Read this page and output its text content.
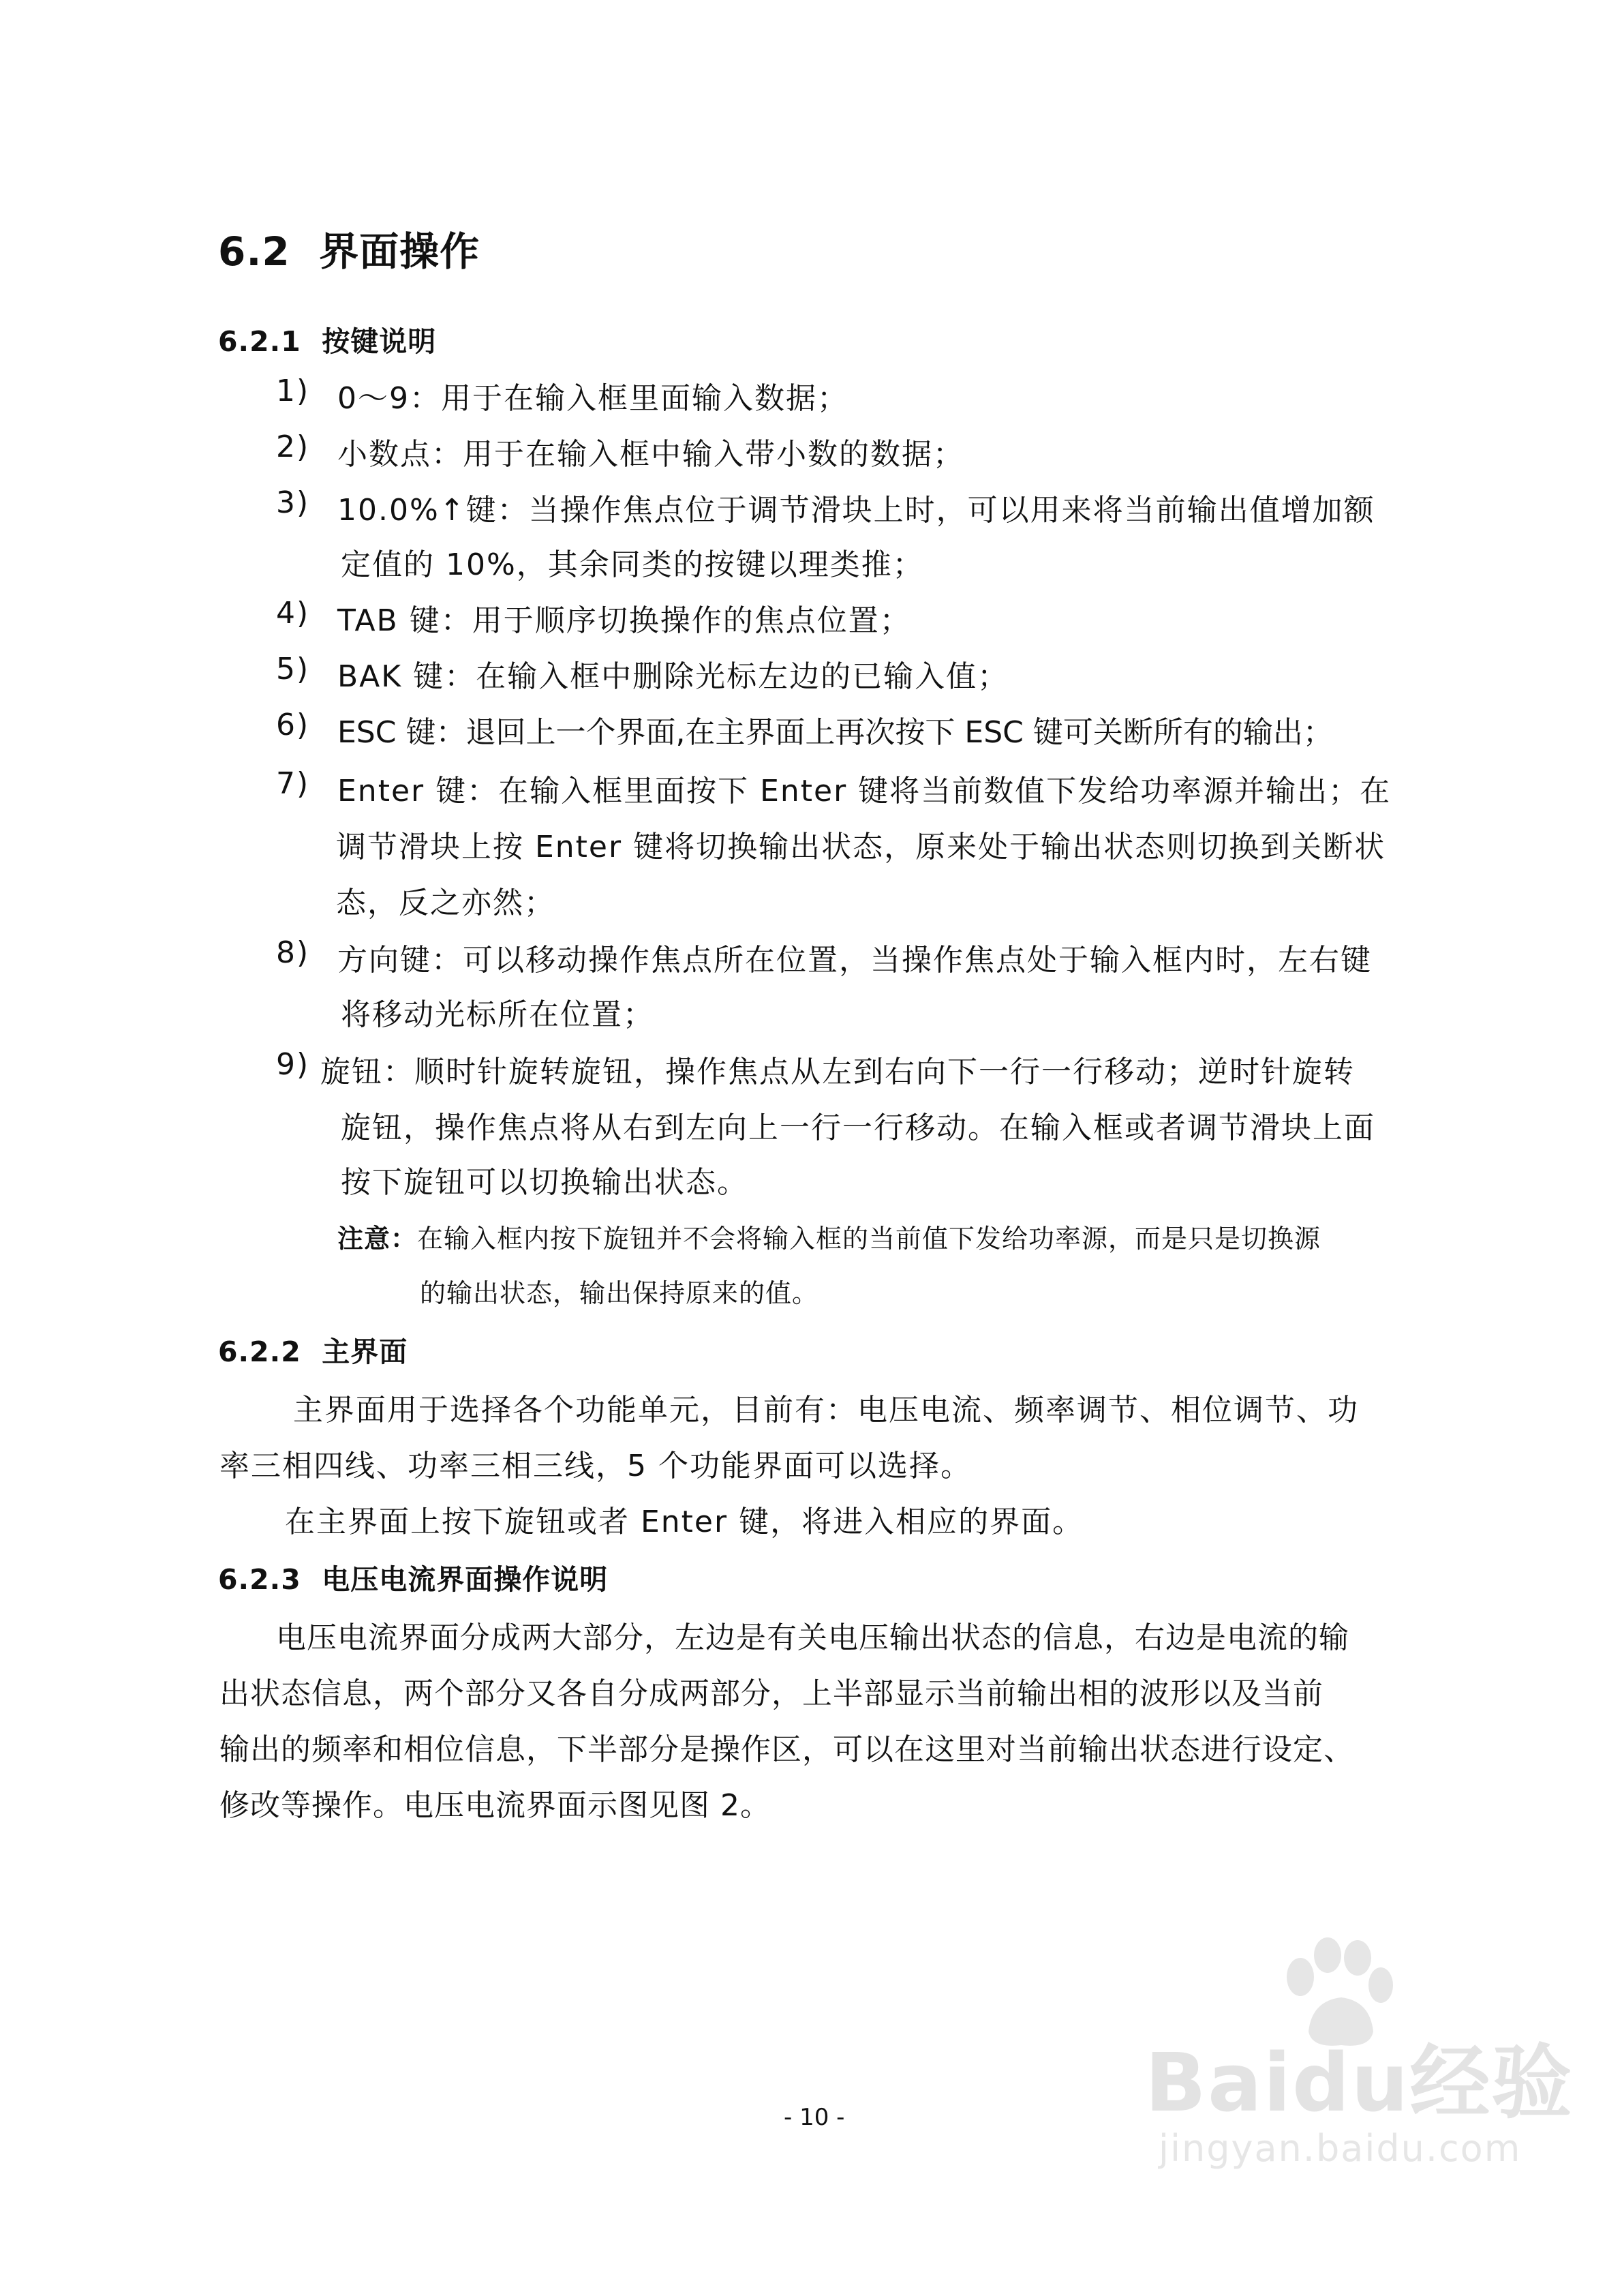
6.2 界面操作
6.2.1 按键说明
1) 0～9：用于在输入框里面输入数据；
2) 小数点：用于在输入框中输入带小数的数据；
3) 10.0%↑键：当操作焦点位于调节滑块上时，可以用来将当前输出值增加额
定值的 10%，其余同类的按键以理类推；
4) TAB 键：用于顺序切换操作的焦点位置；
5) BAK 键：在输入框中删除光标左边的已输入值；
6) ESC 键：退回上一个界面,在主界面上再次按下 ESC 键可关断所有的输出；
7) Enter 键：在输入框里面按下 Enter 键将当前数值下发给功率源并输出；在
调节滑块上按 Enter 键将切换输出状态，原来处于输出状态则切换到关断状
态，反之亦然；
8) 方向键：可以移动操作焦点所在位置，当操作焦点处于输入框内时，左右键
将移动光标所在位置；
9) 旋钮：顺时针旋转旋钮，操作焦点从左到右向下一行一行移动；逆时针旋转
旋钮，操作焦点将从右到左向上一行一行移动。在输入框或者调节滑块上面
按下旋钮可以切换输出状态。
注意：在输入框内按下旋钮并不会将输入框的当前值下发给功率源，而是只是切换源
的输出状态，输出保持原来的值。
6.2.2 主界面
主界面用于选择各个功能单元，目前有：电压电流、频率调节、相位调节、功
率三相四线、功率三相三线，5 个功能界面可以选择。
在主界面上按下旋钮或者 Enter 键，将进入相应的界面。
6.2.3 电压电流界面操作说明
电压电流界面分成两大部分，左边是有关电压输出状态的信息，右边是电流的输
出状态信息，两个部分又各自分成两部分，上半部显示当前输出相的波形以及当前
输出的频率和相位信息，下半部分是操作区，可以在这里对当前输出状态进行设定、
修改等操作。电压电流界面示图见图 2。
- 10 -	Baidu经验
jingyan.baidu.com
